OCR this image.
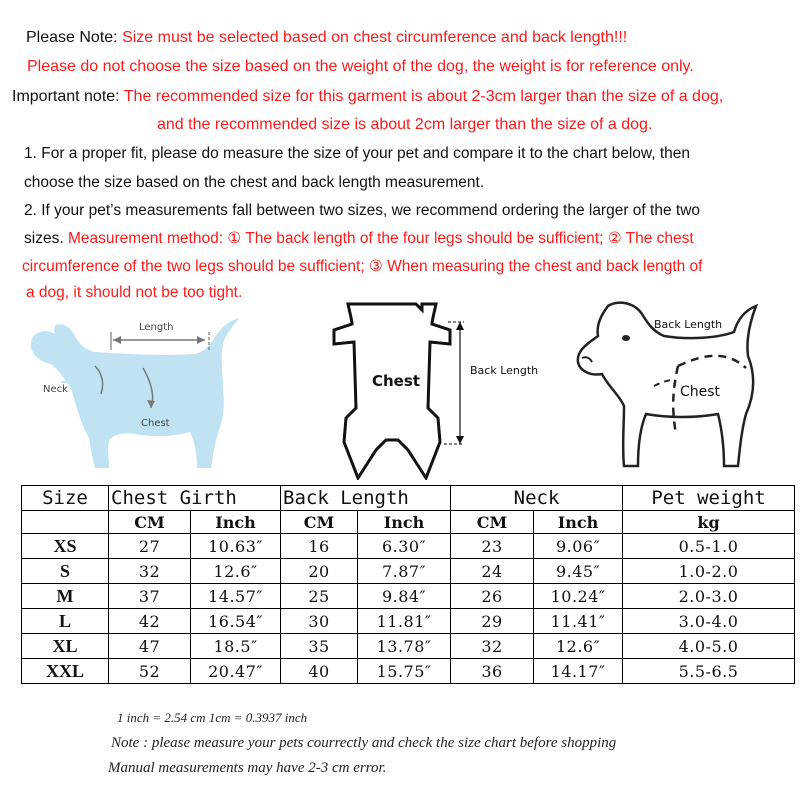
Please Note: Size must be selected based on chest circumference and back length!!!
Please do not choose the size based on the weight of the dog, the weight is for reference only.
Important note: The recommended size for this garment is about 2-3cm larger than the size of a dog,
and the recommended size is about 2cm larger than the size of a dog.
1. For a proper fit, please do measure the size of your pet and compare it to the chart below, then
choose the size based on the chest and back length measurement.
2. If your pet’s measurements fall between two sizes, we recommend ordering the larger of the two
sizes. Measurement method: ① The back length of the four legs should be sufficient; ② The chest
circumference of the two legs should be sufficient; ③ When measuring the chest and back length of
a dog, it should not be too tight.
Length
Neck
Chest
Chest
Back Length
Back Length
Chest
Size	Chest Girth		Back Length		Neck		Pet weight
	CM	Inch	CM	Inch	CM	Inch	kg
XS	27	10.63″	16	6.30″	23	9.06″	0.5-1.0
S	32	12.6″	20	7.87″	24	9.45″	1.0-2.0
M	37	14.57″	25	9.84″	26	10.24″	2.0-3.0
L	42	16.54″	30	11.81″	29	11.41″	3.0-4.0
XL	47	18.5″	35	13.78″	32	12.6″	4.0-5.0
XXL	52	20.47″	40	15.75″	36	14.17″	5.5-6.5
1 inch = 2.54 cm 1cm = 0.3937 inch
Note : please measure your pets courrectly and check the size chart before shopping
Manual measurements may have 2-3 cm error.
